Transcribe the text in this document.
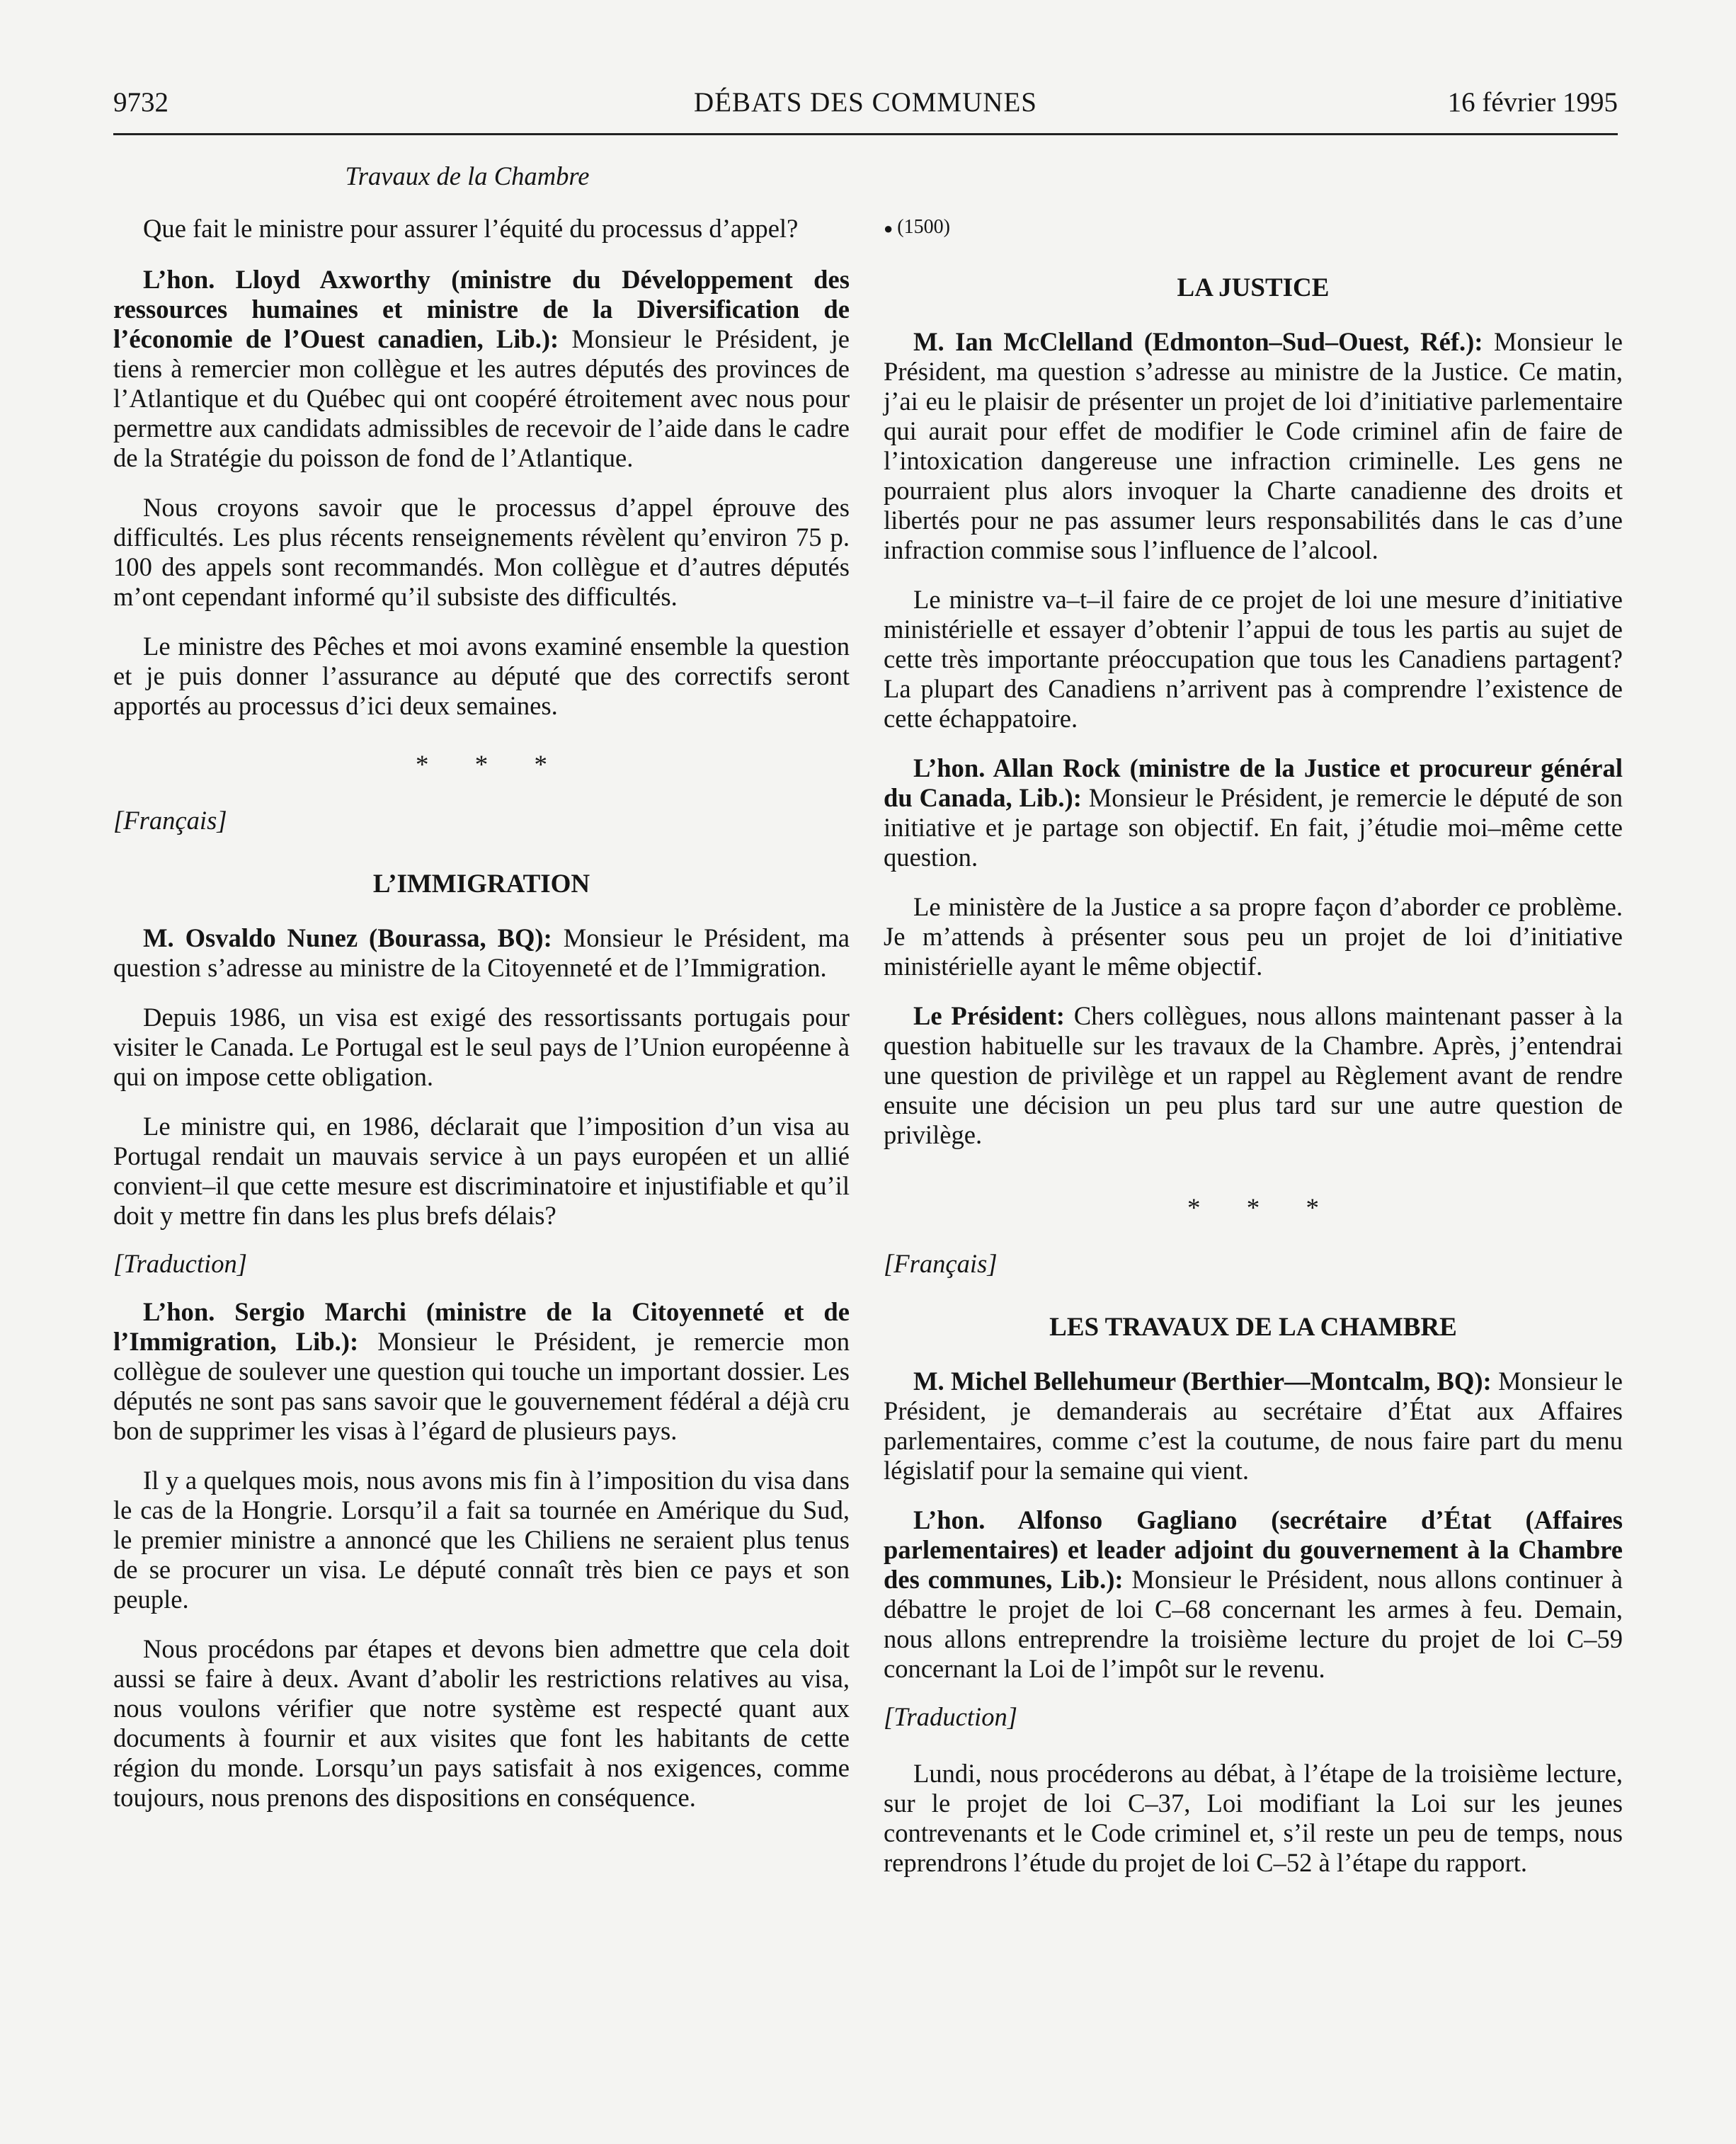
9732	DÉBATS DES COMMUNES	16 février 1995

Travaux de la Chambre

Que fait le ministre pour assurer l’équité du processus d’appel?

L’hon. Lloyd Axworthy (ministre du Développement des ressources humaines et ministre de la Diversification de l’économie de l’Ouest canadien, Lib.): Monsieur le Président, je tiens à remercier mon collègue et les autres députés des provinces de l’Atlantique et du Québec qui ont coopéré étroitement avec nous pour permettre aux candidats admissibles de recevoir de l’aide dans le cadre de la Stratégie du poisson de fond de l’Atlantique.

Nous croyons savoir que le processus d’appel éprouve des difficultés. Les plus récents renseignements révèlent qu’environ 75 p. 100 des appels sont recommandés. Mon collègue et d’autres députés m’ont cependant informé qu’il subsiste des difficultés.

Le ministre des Pêches et moi avons examiné ensemble la question et je puis donner l’assurance au député que des correctifs seront apportés au processus d’ici deux semaines.

* * *

[Français]

L’IMMIGRATION

M. Osvaldo Nunez (Bourassa, BQ): Monsieur le Président, ma question s’adresse au ministre de la Citoyenneté et de l’Immigration.

Depuis 1986, un visa est exigé des ressortissants portugais pour visiter le Canada. Le Portugal est le seul pays de l’Union européenne à qui on impose cette obligation.

Le ministre qui, en 1986, déclarait que l’imposition d’un visa au Portugal rendait un mauvais service à un pays européen et un allié convient–il que cette mesure est discriminatoire et injustifiable et qu’il doit y mettre fin dans les plus brefs délais?

[Traduction]

L’hon. Sergio Marchi (ministre de la Citoyenneté et de l’Immigration, Lib.): Monsieur le Président, je remercie mon collègue de soulever une question qui touche un important dossier. Les députés ne sont pas sans savoir que le gouvernement fédéral a déjà cru bon de supprimer les visas à l’égard de plusieurs pays.

Il y a quelques mois, nous avons mis fin à l’imposition du visa dans le cas de la Hongrie. Lorsqu’il a fait sa tournée en Amérique du Sud, le premier ministre a annoncé que les Chiliens ne seraient plus tenus de se procurer un visa. Le député connaît très bien ce pays et son peuple.

Nous procédons par étapes et devons bien admettre que cela doit aussi se faire à deux. Avant d’abolir les restrictions relatives au visa, nous voulons vérifier que notre système est respecté quant aux documents à fournir et aux visites que font les habitants de cette région du monde. Lorsqu’un pays satisfait à nos exigences, comme toujours, nous prenons des dispositions en conséquence.

● (1500)

LA JUSTICE

M. Ian McClelland (Edmonton–Sud–Ouest, Réf.): Monsieur le Président, ma question s’adresse au ministre de la Justice. Ce matin, j’ai eu le plaisir de présenter un projet de loi d’initiative parlementaire qui aurait pour effet de modifier le Code criminel afin de faire de l’intoxication dangereuse une infraction criminelle. Les gens ne pourraient plus alors invoquer la Charte canadienne des droits et libertés pour ne pas assumer leurs responsabilités dans le cas d’une infraction commise sous l’influence de l’alcool.

Le ministre va–t–il faire de ce projet de loi une mesure d’initiative ministérielle et essayer d’obtenir l’appui de tous les partis au sujet de cette très importante préoccupation que tous les Canadiens partagent? La plupart des Canadiens n’arrivent pas à comprendre l’existence de cette échappatoire.

L’hon. Allan Rock (ministre de la Justice et procureur général du Canada, Lib.): Monsieur le Président, je remercie le député de son initiative et je partage son objectif. En fait, j’étudie moi–même cette question.

Le ministère de la Justice a sa propre façon d’aborder ce problème. Je m’attends à présenter sous peu un projet de loi d’initiative ministérielle ayant le même objectif.

Le Président: Chers collègues, nous allons maintenant passer à la question habituelle sur les travaux de la Chambre. Après, j’entendrai une question de privilège et un rappel au Règlement avant de rendre ensuite une décision un peu plus tard sur une autre question de privilège.

* * *

[Français]

LES TRAVAUX DE LA CHAMBRE

M. Michel Bellehumeur (Berthier—Montcalm, BQ): Monsieur le Président, je demanderais au secrétaire d’État aux Affaires parlementaires, comme c’est la coutume, de nous faire part du menu législatif pour la semaine qui vient.

L’hon. Alfonso Gagliano (secrétaire d’État (Affaires parlementaires) et leader adjoint du gouvernement à la Chambre des communes, Lib.): Monsieur le Président, nous allons continuer à débattre le projet de loi C–68 concernant les armes à feu. Demain, nous allons entreprendre la troisième lecture du projet de loi C–59 concernant la Loi de l’impôt sur le revenu.

[Traduction]

Lundi, nous procéderons au débat, à l’étape de la troisième lecture, sur le projet de loi C–37, Loi modifiant la Loi sur les jeunes contrevenants et le Code criminel et, s’il reste un peu de temps, nous reprendrons l’étude du projet de loi C–52 à l’étape du rapport.
